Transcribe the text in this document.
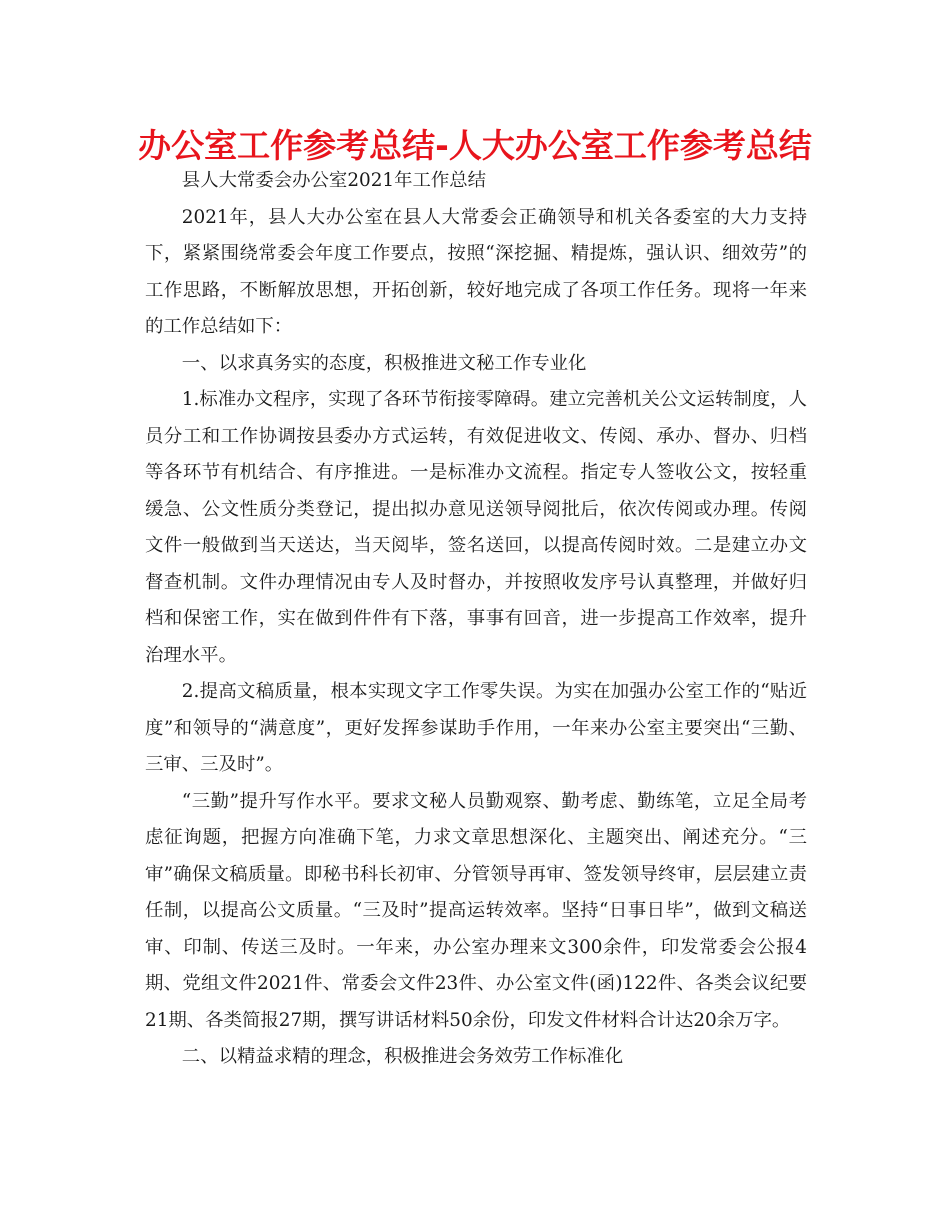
办公室工作参考总结-人大办公室工作参考总结

县人大常委会办公室2021年工作总结

2021年，县人大办公室在县人大常委会正确领导和机关各委室的大力支持下，紧紧围绕常委会年度工作要点，按照“深挖掘、精提炼，强认识、细效劳”的工作思路，不断解放思想，开拓创新，较好地完成了各项工作任务。现将一年来的工作总结如下：

一、以求真务实的态度，积极推进文秘工作专业化

1.标准办文程序，实现了各环节衔接零障碍。建立完善机关公文运转制度，人员分工和工作协调按县委办方式运转，有效促进收文、传阅、承办、督办、归档等各环节有机结合、有序推进。一是标准办文流程。指定专人签收公文，按轻重缓急、公文性质分类登记，提出拟办意见送领导阅批后，依次传阅或办理。传阅文件一般做到当天送达，当天阅毕，签名送回，以提高传阅时效。二是建立办文督查机制。文件办理情况由专人及时督办，并按照收发序号认真整理，并做好归档和保密工作，实在做到件件有下落，事事有回音，进一步提高工作效率，提升治理水平。

2.提高文稿质量，根本实现文字工作零失误。为实在加强办公室工作的“贴近度”和领导的“满意度”，更好发挥参谋助手作用，一年来办公室主要突出“三勤、三审、三及时”。

“三勤”提升写作水平。要求文秘人员勤观察、勤考虑、勤练笔，立足全局考虑征询题，把握方向准确下笔，力求文章思想深化、主题突出、阐述充分。“三审”确保文稿质量。即秘书科长初审、分管领导再审、签发领导终审，层层建立责任制，以提高公文质量。“三及时”提高运转效率。坚持“日事日毕”，做到文稿送审、印制、传送三及时。一年来，办公室办理来文300余件，印发常委会公报4期、党组文件2021件、常委会文件23件、办公室文件(函)122件、各类会议纪要21期、各类简报27期，撰写讲话材料50余份，印发文件材料合计达20余万字。

二、以精益求精的理念，积极推进会务效劳工作标准化
